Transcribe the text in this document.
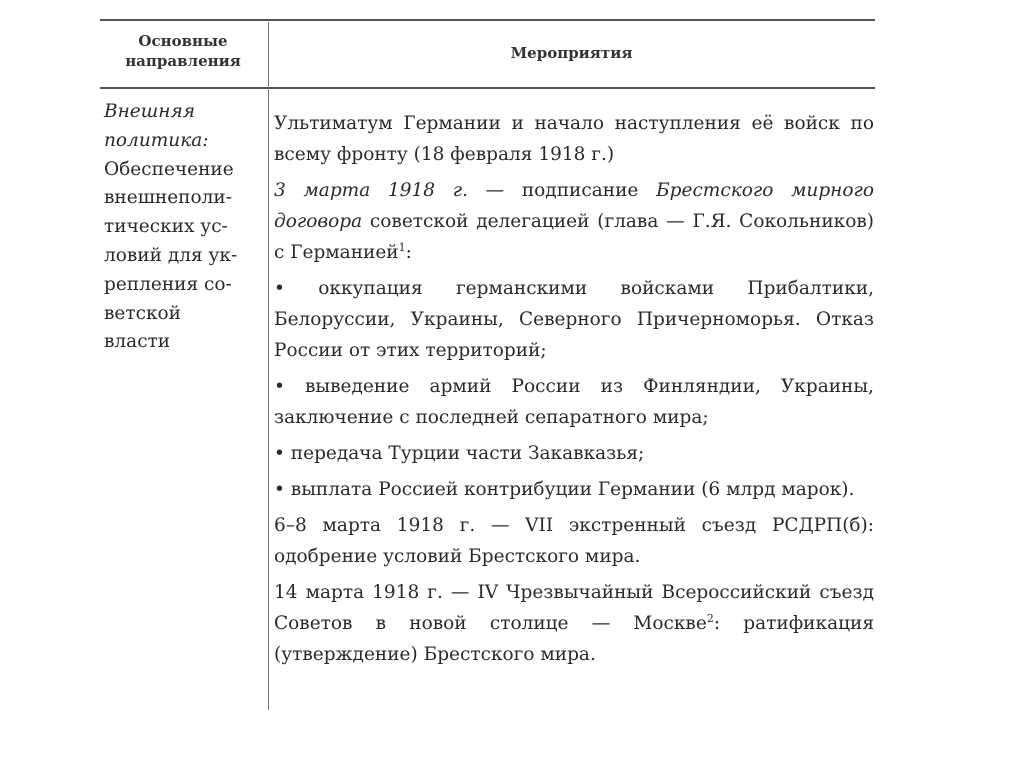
Основные
направления	Мероприятия
Внешняя
политика:
Обеспечение
внешнеполи-
тических ус-
ловий для ук-
репления со-
ветской
власти

Ультиматум Германии и начало наступления её войск по всему фронту (18 февраля 1918 г.)

3 марта 1918 г. — подписание Брестского мирного договора советской делегацией (глава — Г.Я. Сокольников) с Германией$^1$:

• оккупация германскими войсками Прибалтики, Белоруссии, Украины, Северного Причерноморья. Отказ России от этих территорий;

• выведение армий России из Финляндии, Украины, заключение с последней сепаратного мира;

• передача Турции части Закавказья;

• выплата Россией контрибуции Германии (6 млрд марок).

6–8 марта 1918 г. — VII экстренный съезд РСДРП(б): одобрение условий Брестского мира.

14 марта 1918 г. — IV Чрезвычайный Всероссийский съезд Советов в новой столице — Москве$^2$: ратификация (утверждение) Брестского мира.
